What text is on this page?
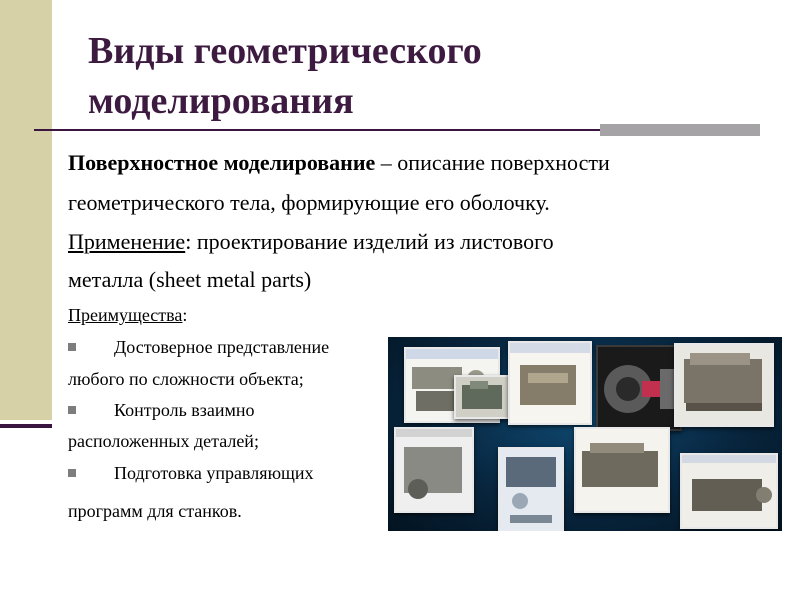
Виды геометрического
моделирования
Поверхностное моделирование – описание поверхности
геометрического тела, формирующие его оболочку.
Применение: проектирование изделий из листового
металла (sheet metal parts)
Преимущества:
Достоверное представление
любого по сложности объекта;
Контроль взаимно
расположенных деталей;
Подготовка управляющих
программ для станков.
